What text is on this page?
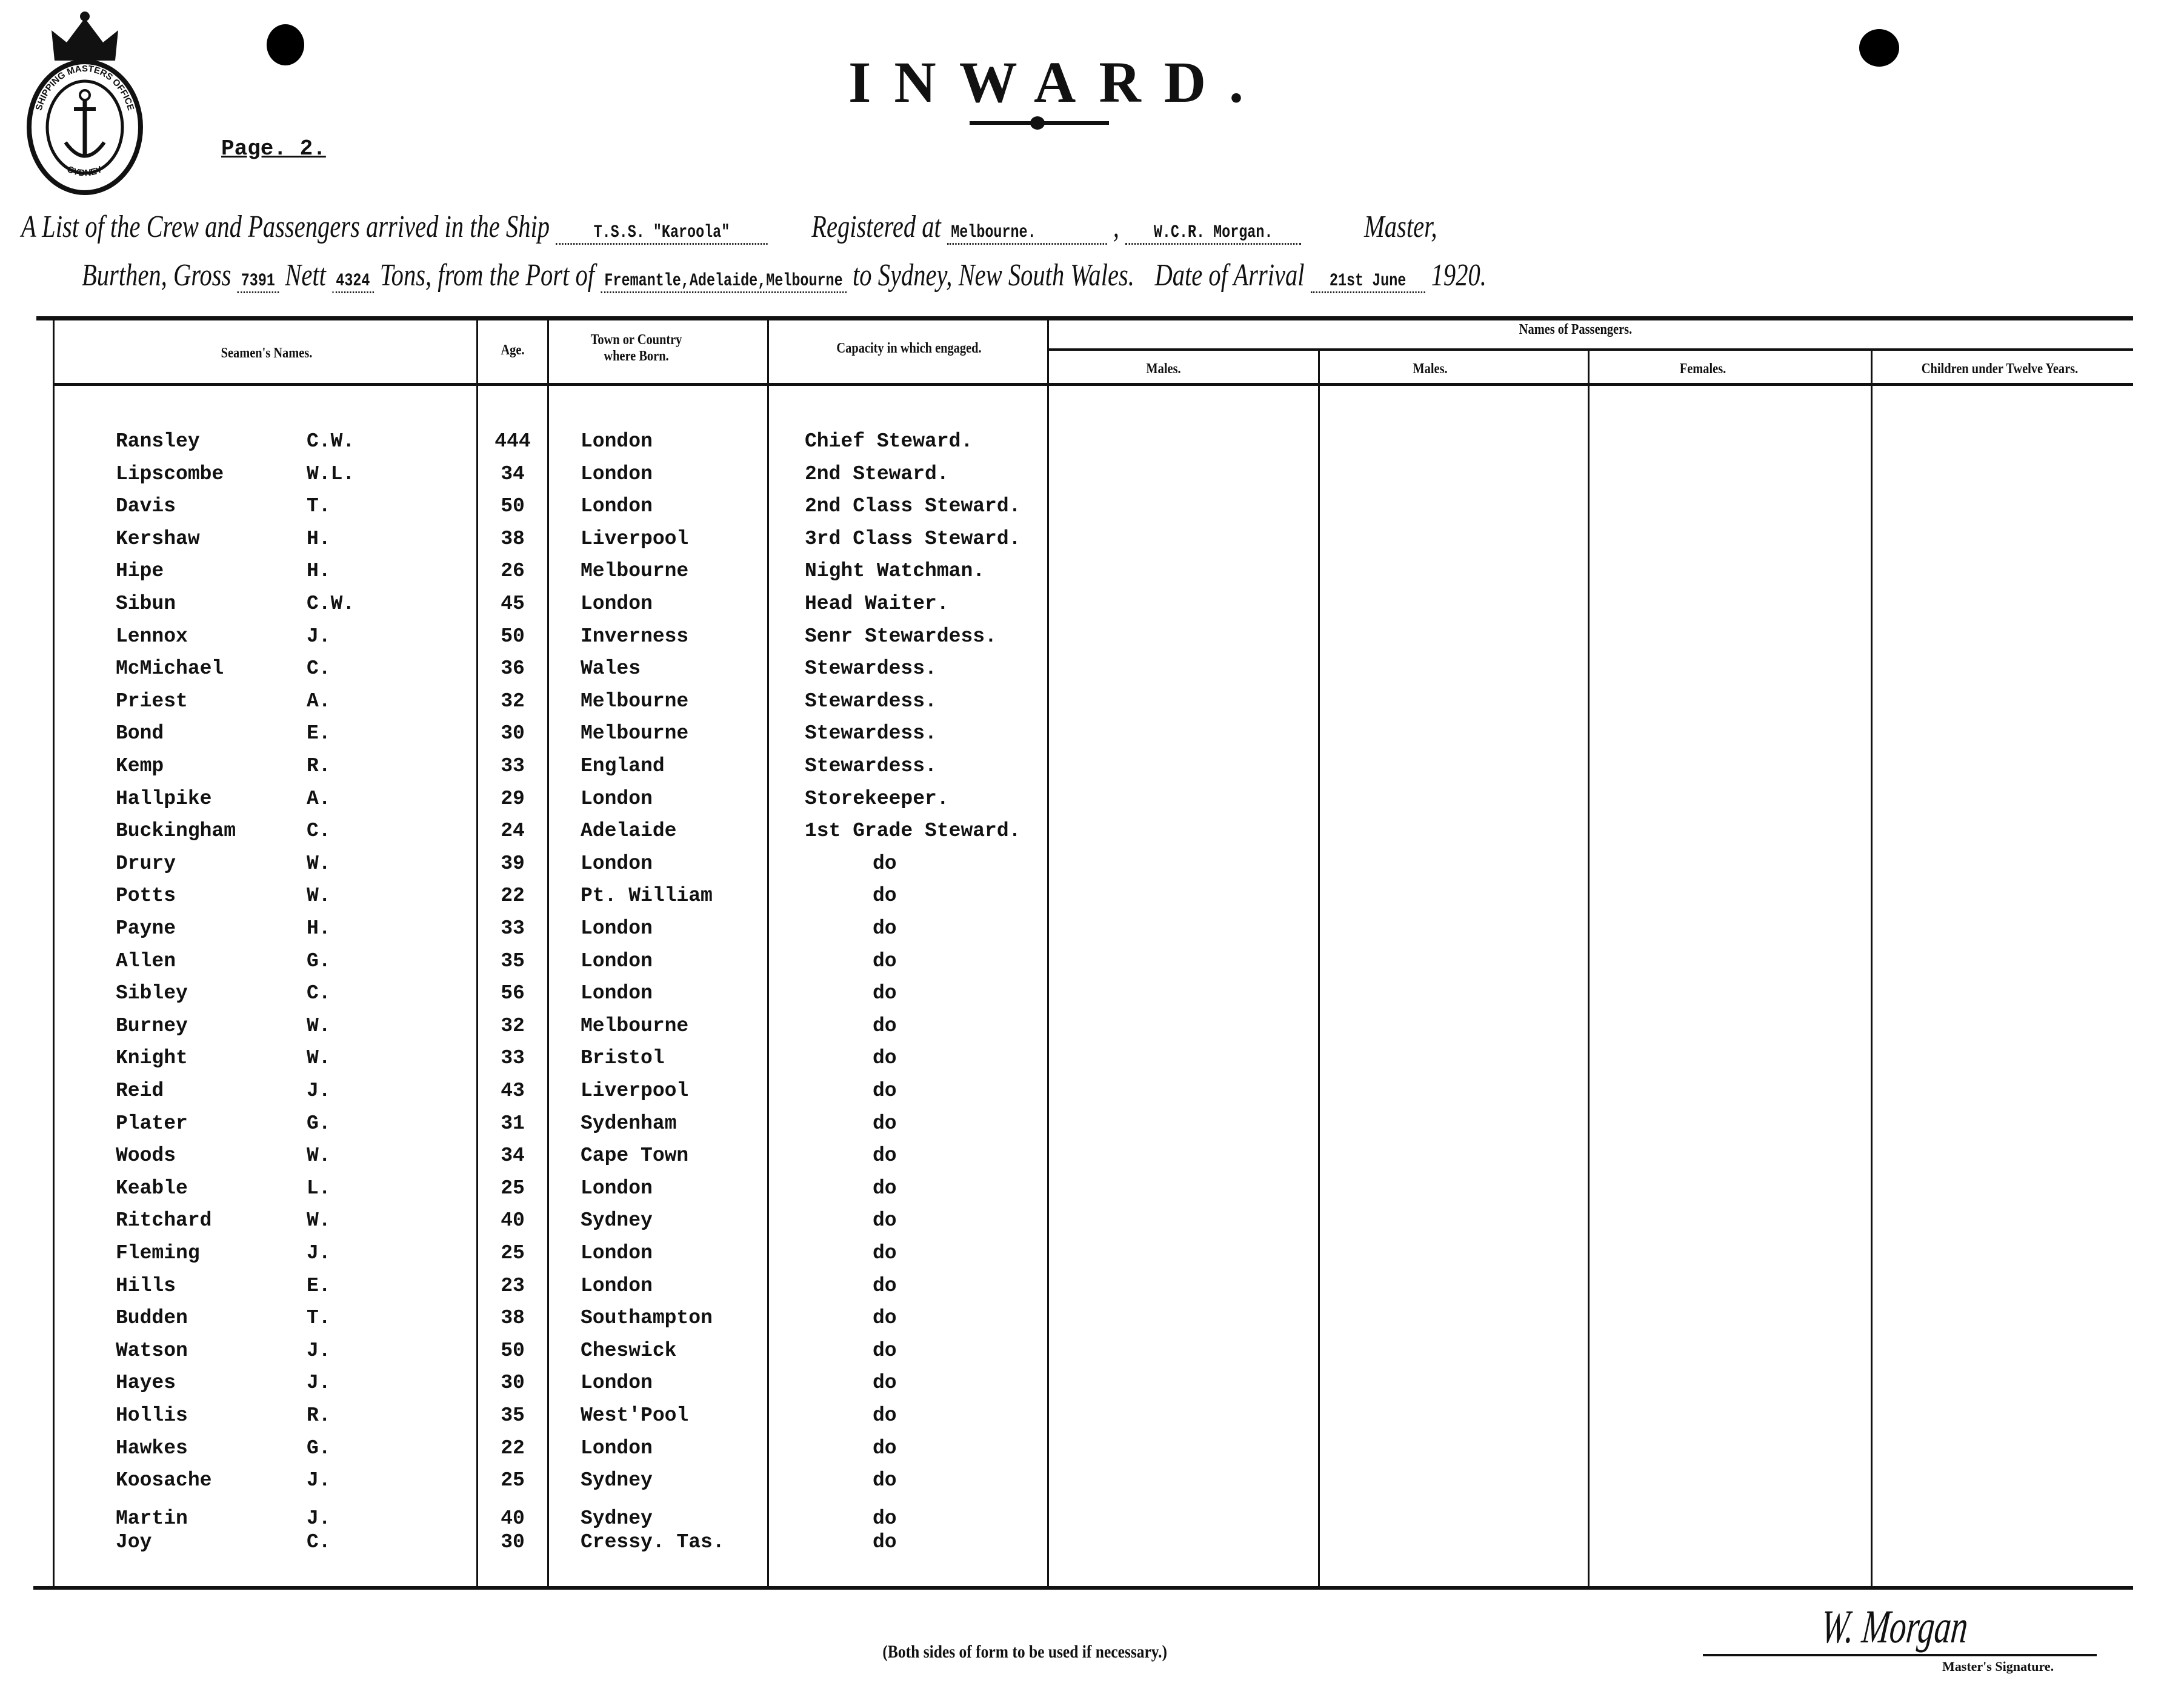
SHIPPING MASTERS OFFICE
SYDNEY
INWARD.
Page. 2.
A List of the Crew and Passengers arrived in the Ship T.S.S. "Karoola"	Registered at Melbourne. , W.C.R. Morgan.	Master,
Burthen, Gross 7391 Nett 4324 Tons, from the Port of Fremantle,Adelaide,Melbourne to Sydney, New South Wales. Date of Arrival 21st June 1920.
Seamen's Names.	Age.
Town or Country where Born.	Capacity in which engaged.
Names of Passengers.
Males.	Males.	Females.	Children under Twelve Years.
Ransley	C.W.	444	London	Chief Steward.
Lipscombe	W.L.	34	London	2nd Steward.
Davis	T.	50	London	2nd Class Steward.
Kershaw	H.	38	Liverpool	3rd Class Steward.
Hipe	H.	26	Melbourne	Night Watchman.
Sibun	C.W.	45	London	Head Waiter.
Lennox	J.	50	Inverness	Senr Stewardess.
McMichael	C.	36	Wales	Stewardess.
Priest	A.	32	Melbourne	Stewardess.
Bond	E.	30	Melbourne	Stewardess.
Kemp	R.	33	England	Stewardess.
Hallpike	A.	29	London	Storekeeper.
Buckingham	C.	24	Adelaide	1st Grade Steward.
Drury	W.	39	London	do
Potts	W.	22	Pt. William	do
Payne	H.	33	London	do
Allen	G.	35	London	do
Sibley	C.	56	London	do
Burney	W.	32	Melbourne	do
Knight	W.	33	Bristol	do
Reid	J.	43	Liverpool	do
Plater	G.	31	Sydenham	do
Woods	W.	34	Cape Town	do
Keable	L.	25	London	do
Ritchard	W.	40	Sydney	do
Fleming	J.	25	London	do
Hills	E.	23	London	do
Budden	T.	38	Southampton	do
Watson	J.	50	Cheswick	do
Hayes	J.	30	London	do
Hollis	R.	35	West'Pool	do
Hawkes	G.	22	London	do
Koosache	J.	25	Sydney	do
Martin	J.	40	Sydney	do
Joy	C.	30	Cressy. Tas.	do
(Both sides of form to be used if necessary.)	W. Morgan
Master's Signature.
